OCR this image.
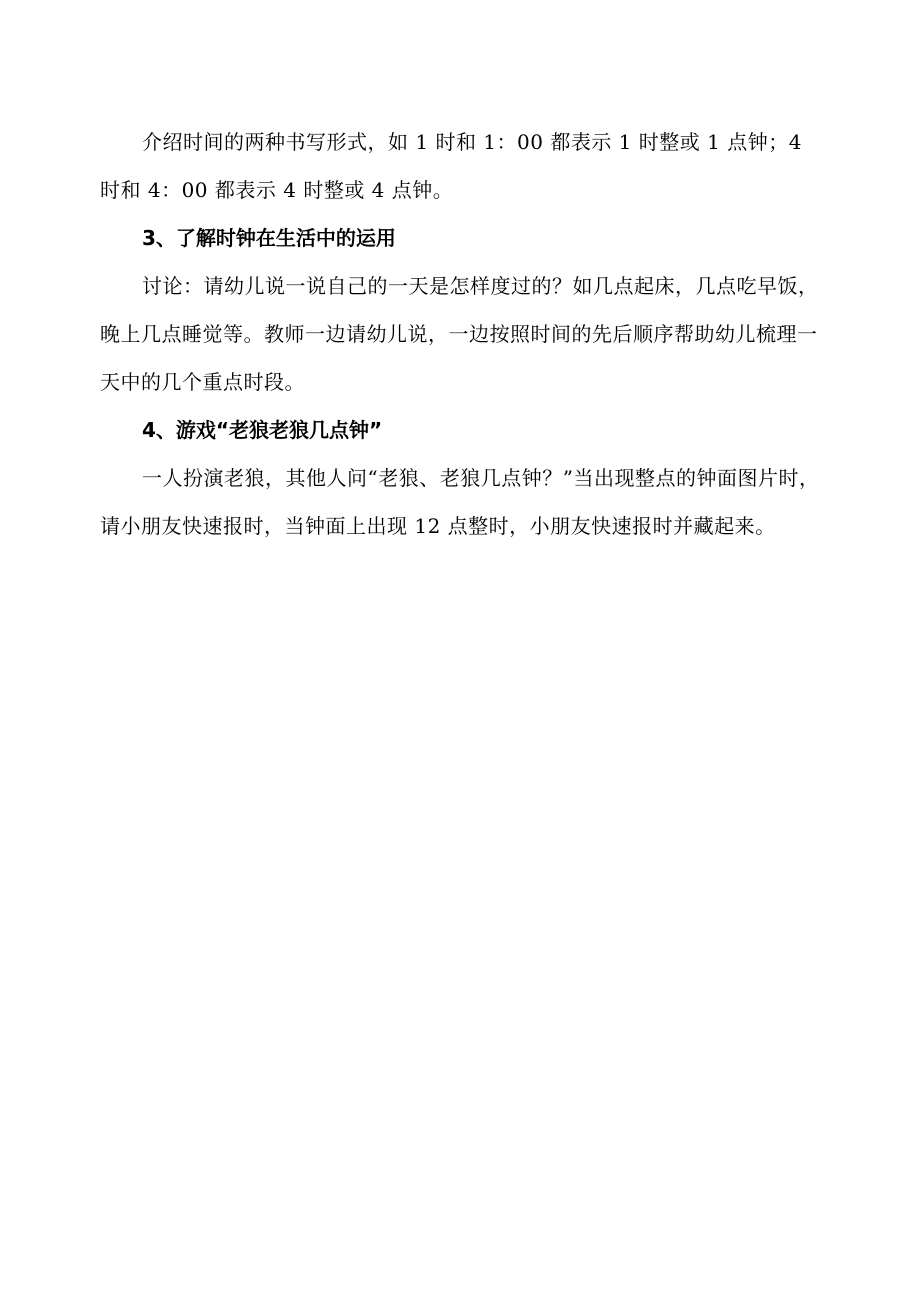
介绍时间的两种书写形式，如 1 时和 1：00 都表示 1 时整或 1 点钟；4 时和 4：00 都表示 4 时整或 4 点钟。

3、了解时钟在生活中的运用

讨论：请幼儿说一说自己的一天是怎样度过的？如几点起床，几点吃早饭，晚上几点睡觉等。教师一边请幼儿说，一边按照时间的先后顺序帮助幼儿梳理一天中的几个重点时段。

4、游戏“老狼老狼几点钟”

一人扮演老狼，其他人问“老狼、老狼几点钟？”当出现整点的钟面图片时，请小朋友快速报时，当钟面上出现 12 点整时，小朋友快速报时并藏起来。
